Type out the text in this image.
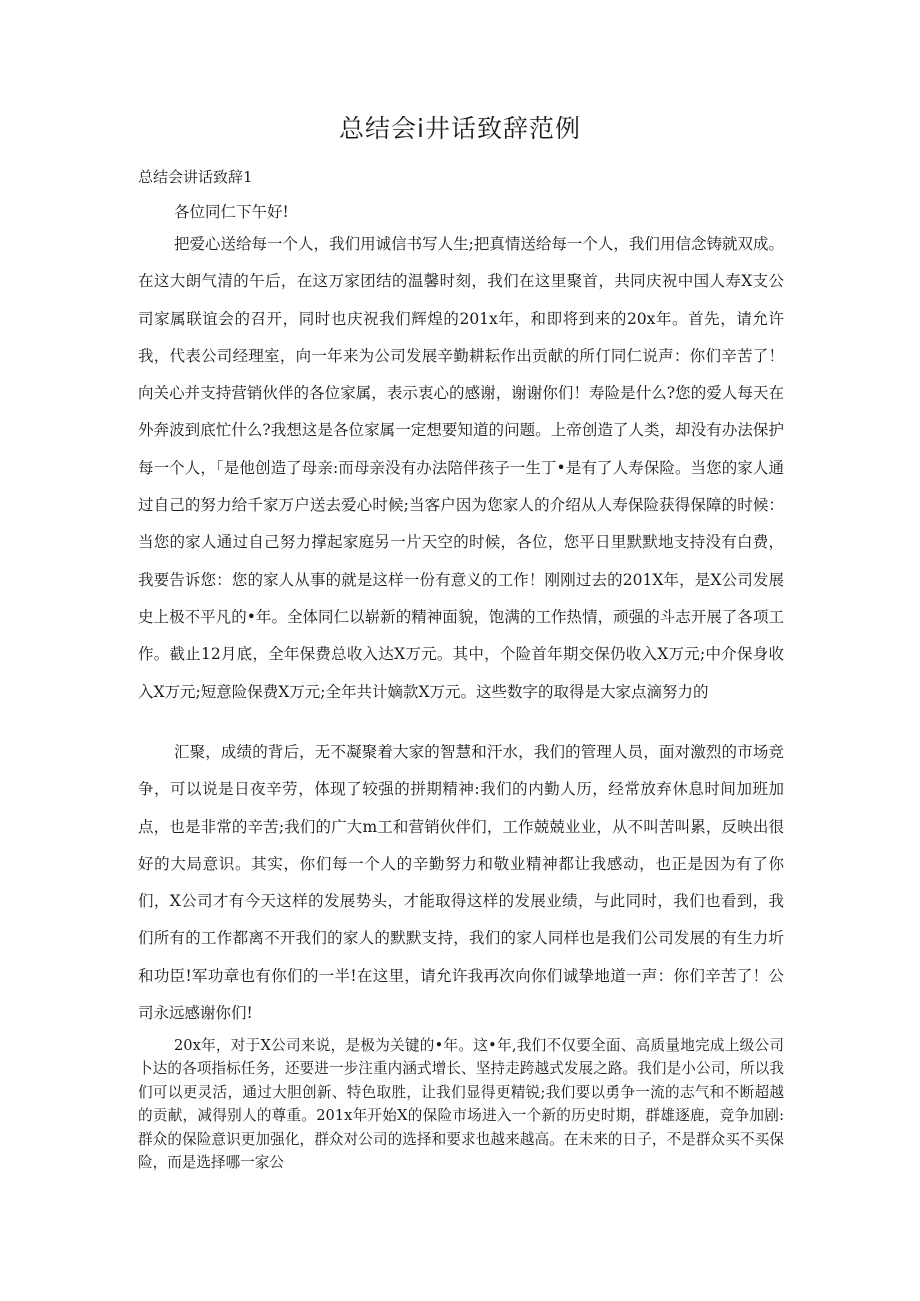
总结会i井话致辞范例
总结会讲话致辞1

各位同仁下午好!

把爱心送给每一个人，我们用诚信书写人生;把真情送给每一个人，我们用信念铸就双成。在这大朗气清的午后，在这万家团结的温馨时刻，我们在这里聚首，共同庆祝中国人寿X支公司家属联谊会的召开，同时也庆祝我们辉煌的201x年，和即将到来的20x年。首先，请允许我，代表公司经理室，向一年来为公司发展辛勤耕耘作出贡献的所仃同仁说声：你们辛苦了！向关心并支持营销伙伴的各位家属，表示衷心的感谢，谢谢你们！寿险是什么?您的爱人每天在外奔波到底忙什么?我想这是各位家属一定想要知道的问题。上帝创造了人类，却没有办法保护每一个人，「是他创造了母亲:而母亲没有办法陪伴孩子一生丁•是有了人寿保险。当您的家人通过自己的努力给千家万户送去爱心时候;当客户因为您家人的介绍从人寿保险获得保障的时候：当您的家人通过自己努力撑起家庭另一片天空的时候，各位，您平日里默默地支持没有白费，我要告诉您：您的家人从事的就是这样一份有意义的工作！刚刚过去的201X年，是X公司发展史上极不平凡的•年。全体同仁以崭新的精神面貌，饱满的工作热情，顽强的斗志开展了各项工作。截止12月底，全年保费总收入达X万元。其中，个险首年期交保仍收入X万元;中介保身收入X万元;短意险保费X万元;全年共计嫡款X万元。这些数字的取得是大家点滴努力的

汇聚，成绩的背后，无不凝聚着大家的智慧和汗水，我们的管理人员，面对激烈的市场竞争，可以说是日夜辛劳，体现了较强的拼期精神:我们的内勤人历，经常放弃休息时间加班加点，也是非常的辛苦;我们的广大m工和营销伙伴们，工作兢兢业业，从不叫苦叫累，反映出很好的大局意识。其实，你们每一个人的辛勤努力和敬业精神都让我感动，也正是因为有了你们，X公司才有今天这样的发展势头，才能取得这样的发展业绩，与此同时，我们也看到，我们所有的工作都离不开我们的家人的默默支持，我们的家人同样也是我们公司发展的有生力圻和功臣!军功章也有你们的一半!在这里，请允许我再次向你们诚挚地道一声：你们辛苦了！公司永远感谢你们!

20x年，对于X公司来说，是极为关键的•年。这•年,我们不仅要全面、高质量地完成上级公司卜达的各项指标任务，还要进一步注重内涵式增长、坚持走跨越式发展之路。我们是小公司，所以我们可以更灵活，通过大胆创新、特色取胜，让我们显得更精锐;我们要以勇争一流的志气和不断超越的贡献，减得别人的尊重。201x年开始X的保险市场进入一个新的历史时期，群雄逐鹿，竞争加剧:群众的保险意识更加强化，群众对公司的选择和要求也越来越高。在未来的日子，不是群众买不买保险，而是选择哪一家公
